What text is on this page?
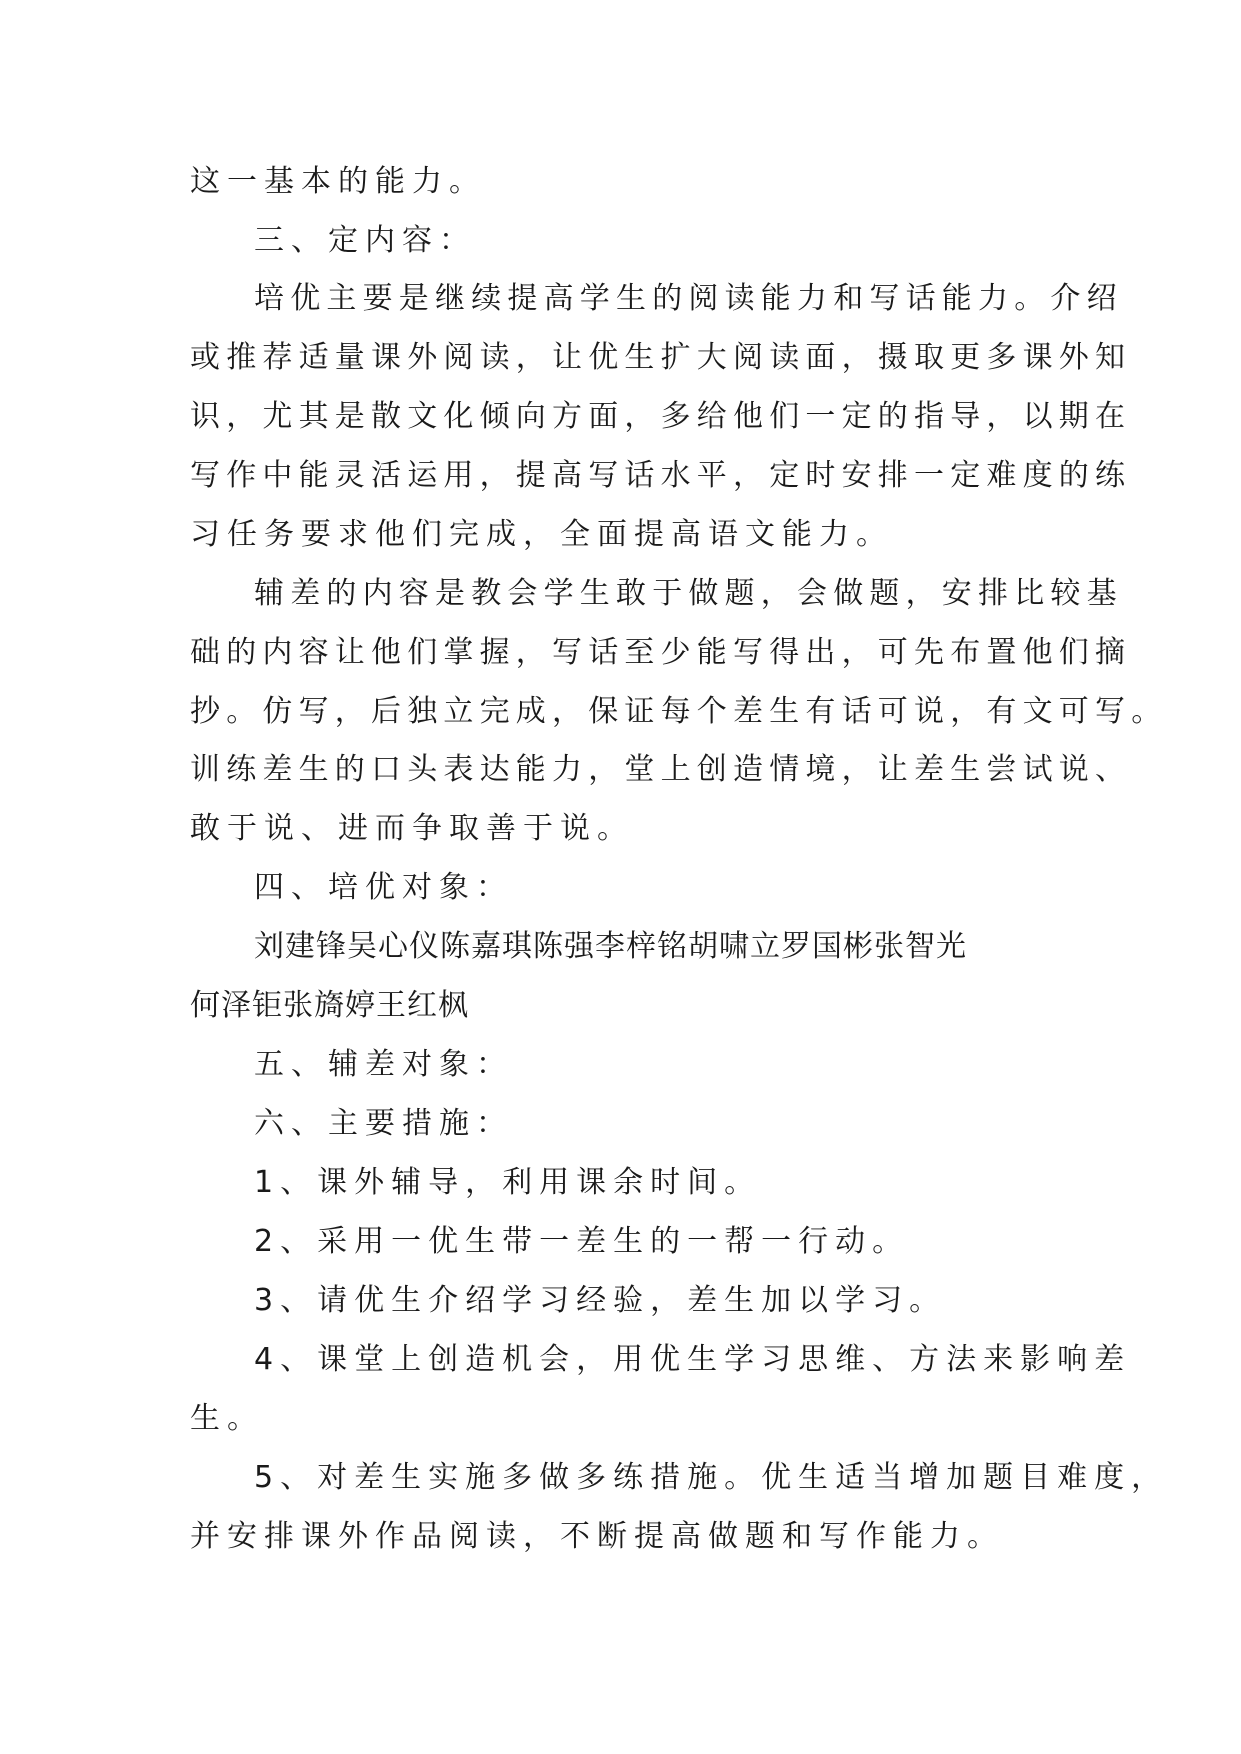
这一基本的能力。
三、定内容：
培优主要是继续提高学生的阅读能力和写话能力。介绍
或推荐适量课外阅读，让优生扩大阅读面，摄取更多课外知
识，尤其是散文化倾向方面，多给他们一定的指导，以期在
写作中能灵活运用，提高写话水平，定时安排一定难度的练
习任务要求他们完成，全面提高语文能力。
辅差的内容是教会学生敢于做题，会做题，安排比较基
础的内容让他们掌握，写话至少能写得出，可先布置他们摘
抄。仿写，后独立完成，保证每个差生有话可说，有文可写。
训练差生的口头表达能力，堂上创造情境，让差生尝试说、
敢于说、进而争取善于说。
四、培优对象：
刘建锋吴心仪陈嘉琪陈强李梓铭胡啸立罗国彬张智光
何泽钜张旖婷王红枫
五、辅差对象：
六、主要措施：
1、课外辅导，利用课余时间。
2、采用一优生带一差生的一帮一行动。
3、请优生介绍学习经验，差生加以学习。
4、课堂上创造机会，用优生学习思维、方法来影响差
生。
5、对差生实施多做多练措施。优生适当增加题目难度，
并安排课外作品阅读，不断提高做题和写作能力。
